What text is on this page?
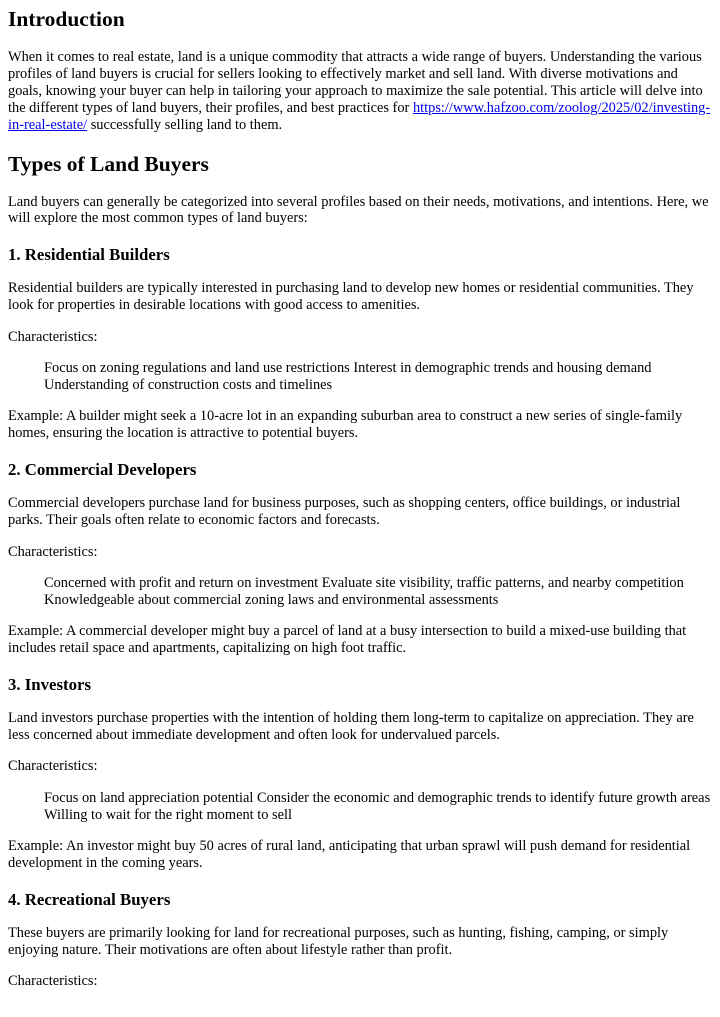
Introduction

When it comes to real estate, land is a unique commodity that attracts a wide range of buyers. Understanding the various profiles of land buyers is crucial for sellers looking to effectively market and sell land. With diverse motivations and goals, knowing your buyer can help in tailoring your approach to maximize the sale potential. This article will delve into the different types of land buyers, their profiles, and best practices for https://www.hafzoo.com/zoolog/2025/02/investing-in-real-estate/ successfully selling land to them.

Types of Land Buyers

Land buyers can generally be categorized into several profiles based on their needs, motivations, and intentions. Here, we will explore the most common types of land buyers:

1. Residential Builders

Residential builders are typically interested in purchasing land to develop new homes or residential communities. They look for properties in desirable locations with good access to amenities.

Characteristics:

Focus on zoning regulations and land use restrictions Interest in demographic trends and housing demand Understanding of construction costs and timelines

Example: A builder might seek a 10-acre lot in an expanding suburban area to construct a new series of single-family homes, ensuring the location is attractive to potential buyers.

2. Commercial Developers

Commercial developers purchase land for business purposes, such as shopping centers, office buildings, or industrial parks. Their goals often relate to economic factors and forecasts.

Characteristics:

Concerned with profit and return on investment Evaluate site visibility, traffic patterns, and nearby competition Knowledgeable about commercial zoning laws and environmental assessments

Example: A commercial developer might buy a parcel of land at a busy intersection to build a mixed-use building that includes retail space and apartments, capitalizing on high foot traffic.

3. Investors

Land investors purchase properties with the intention of holding them long-term to capitalize on appreciation. They are less concerned about immediate development and often look for undervalued parcels.

Characteristics:

Focus on land appreciation potential Consider the economic and demographic trends to identify future growth areas Willing to wait for the right moment to sell

Example: An investor might buy 50 acres of rural land, anticipating that urban sprawl will push demand for residential development in the coming years.

4. Recreational Buyers

These buyers are primarily looking for land for recreational purposes, such as hunting, fishing, camping, or simply enjoying nature. Their motivations are often about lifestyle rather than profit.

Characteristics:
